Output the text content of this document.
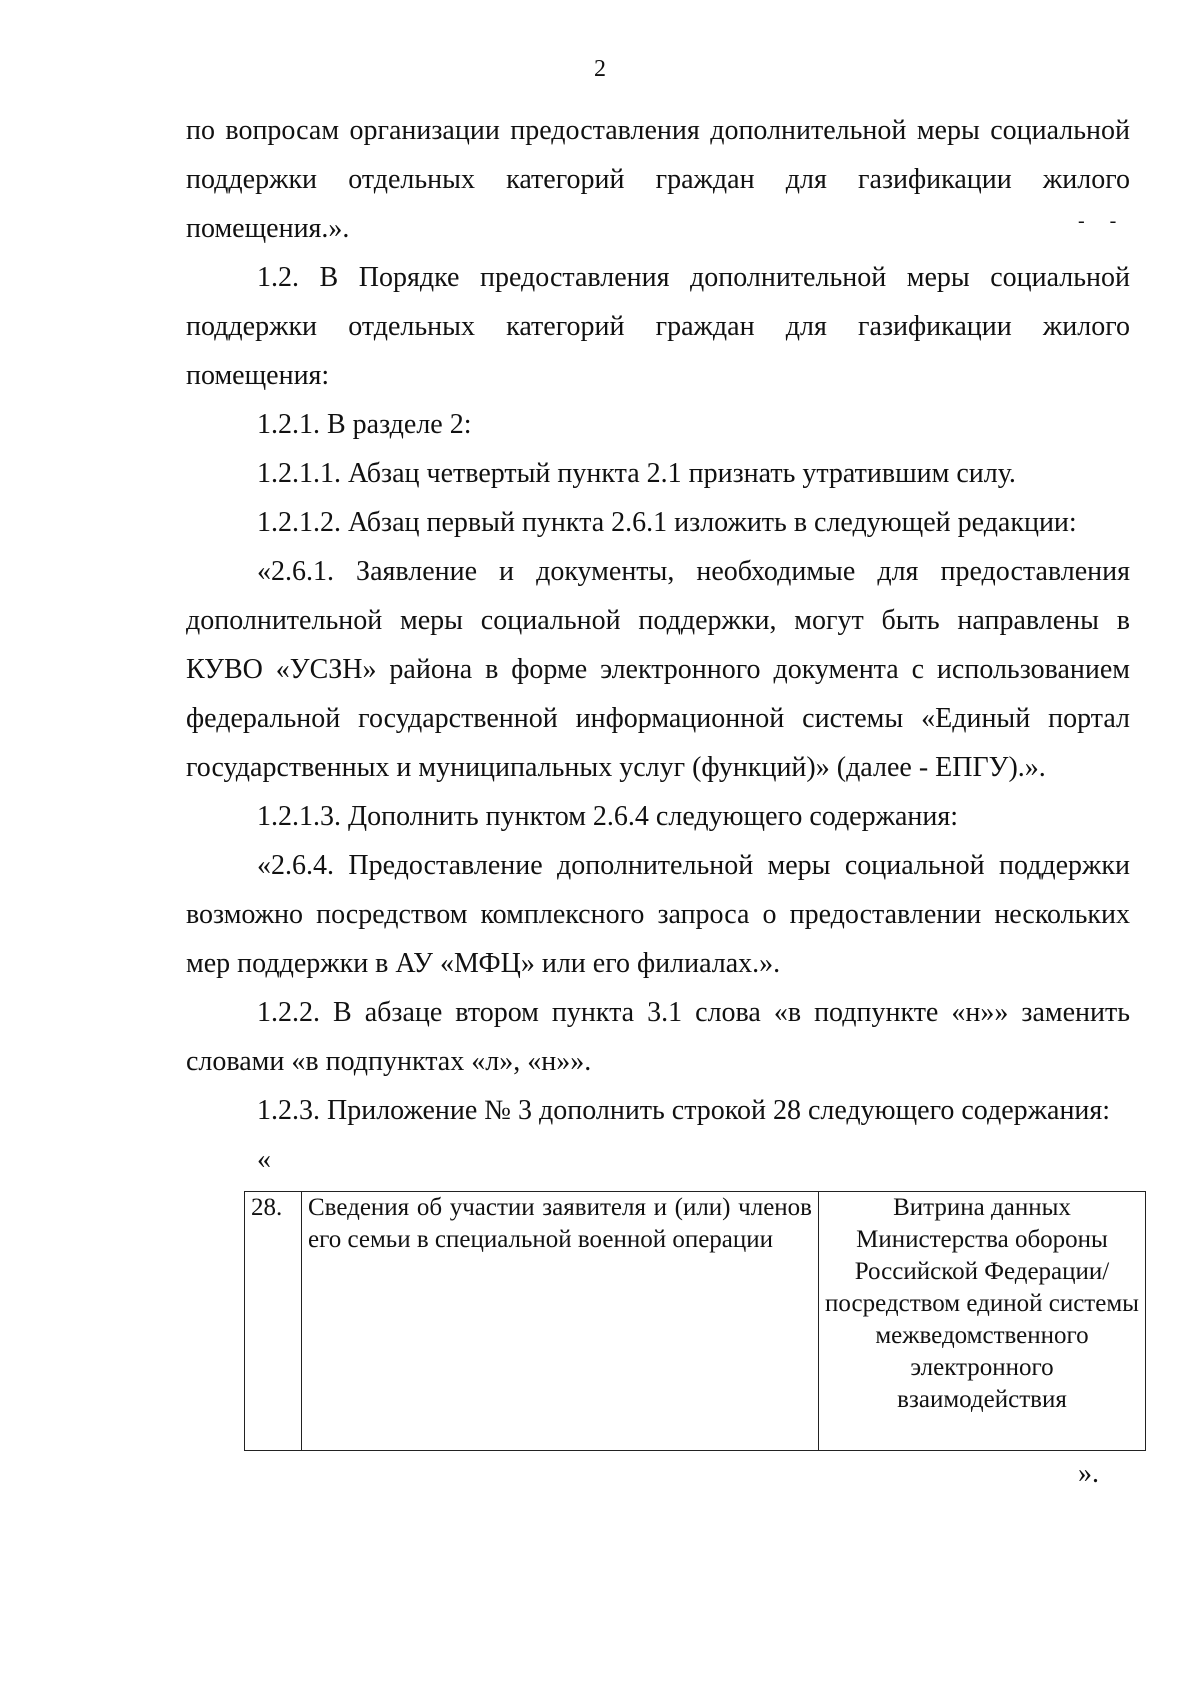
2
- -

по вопросам организации предоставления дополнительной меры социальной поддержки отдельных категорий граждан для газификации жилого помещения.».

1.2. В Порядке предоставления дополнительной меры социальной поддержки отдельных категорий граждан для газификации жилого помещения:

1.2.1. В разделе 2:

1.2.1.1. Абзац четвертый пункта 2.1 признать утратившим силу.

1.2.1.2. Абзац первый пункта 2.6.1 изложить в следующей редакции:

«2.6.1. Заявление и документы, необходимые для предоставления дополнительной меры социальной поддержки, могут быть направлены в КУВО «УСЗН» района в форме электронного документа с использованием федеральной государственной информационной системы «Единый портал государственных и муниципальных услуг (функций)» (далее - ЕПГУ).».

1.2.1.3. Дополнить пунктом 2.6.4 следующего содержания:

«2.6.4. Предоставление дополнительной меры социальной поддержки возможно посредством комплексного запроса о предоставлении нескольких мер поддержки в АУ «МФЦ» или его филиалах.».

1.2.2. В абзаце втором пункта 3.1 слова «в подпункте «н»» заменить словами «в подпунктах «л», «н»».

1.2.3. Приложение № 3 дополнить строкой 28 следующего содержания:

«
28.	Сведения об участии заявителя и (или) членов его семьи в специальной военной операции	Витрина данных Министерства обороны Российской Федерации/ посредством единой системы межведомственного электронного взаимодействия
».
